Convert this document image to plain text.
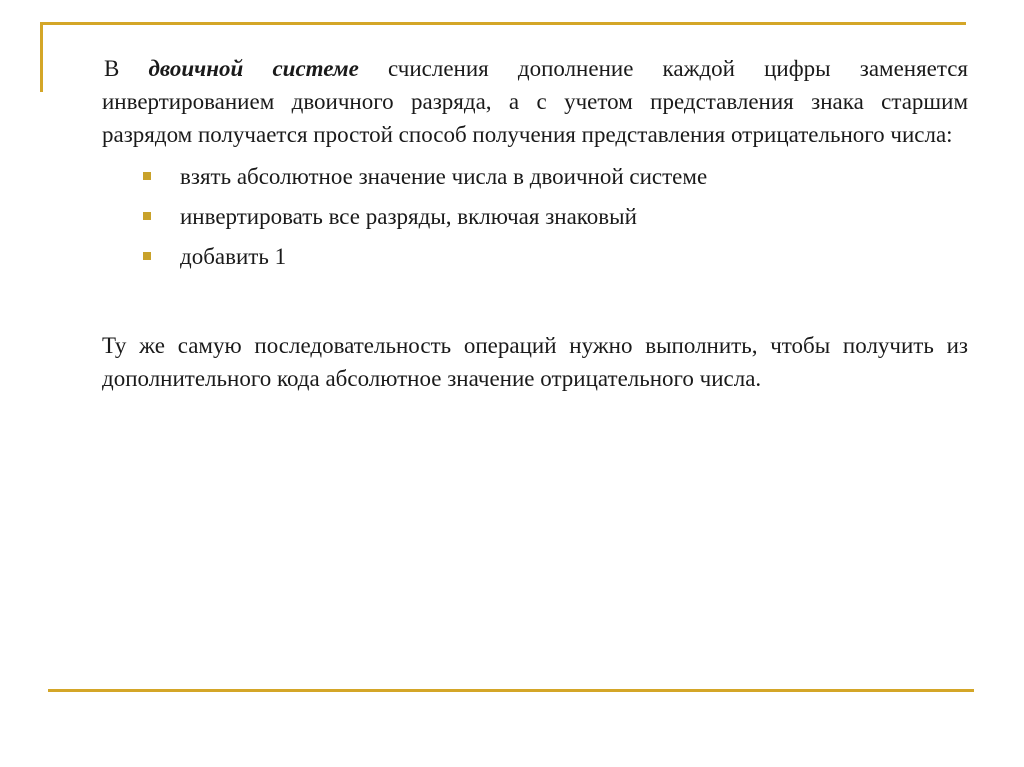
В двоичной системе счисления дополнение каждой цифры заменяется инвертированием двоичного разряда, а с учетом представления знака старшим разрядом получается простой способ получения представления отрицательного числа:

взять абсолютное значение числа в двоичной системе
инвертировать все разряды, включая знаковый
добавить 1

Ту же самую последовательность операций нужно выполнить, чтобы получить из дополнительного кода абсолютное значение отрицательного числа.
